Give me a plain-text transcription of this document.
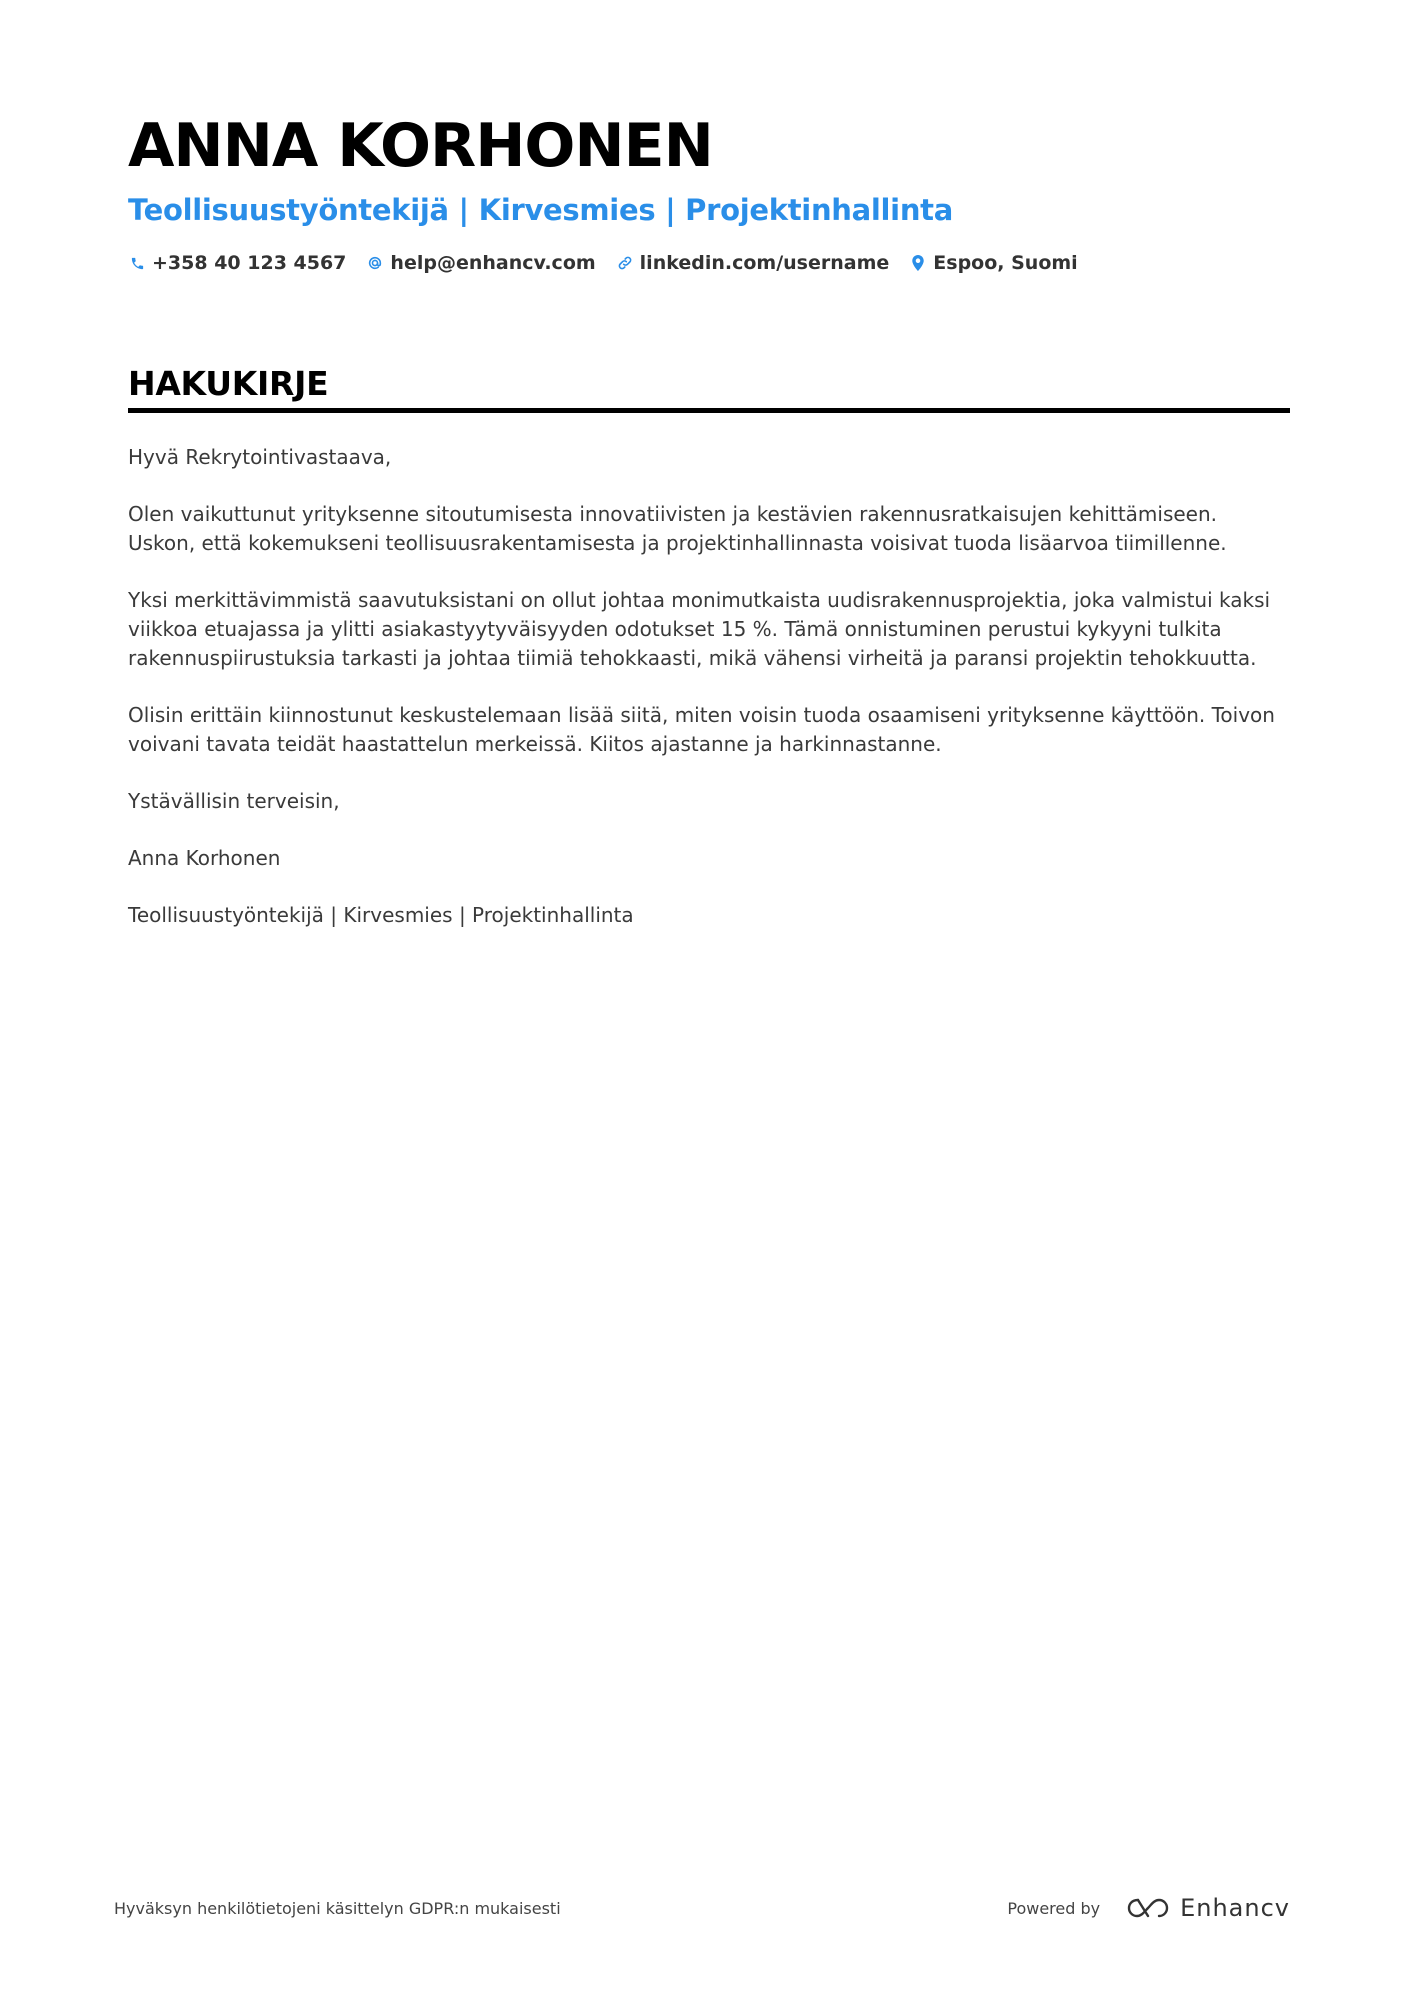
ANNA KORHONEN
Teollisuustyöntekijä | Kirvesmies | Projektinhallinta
+358 40 123 4567 help@enhancv.com linkedin.com/username Espoo, Suomi
HAKUKIRJE

Hyvä Rekrytointivastaava,

Olen vaikuttunut yrityksenne sitoutumisesta innovatiivisten ja kestävien rakennusratkaisujen kehittämiseen. Uskon, että kokemukseni teollisuusrakentamisesta ja projektinhallinnasta voisivat tuoda lisäarvoa tiimillenne.

Yksi merkittävimmistä saavutuksistani on ollut johtaa monimutkaista uudisrakennusprojektia, joka valmistui kaksi viikkoa etuajassa ja ylitti asiakastyytyväisyyden odotukset 15 %. Tämä onnistuminen perustui kykyyni tulkita rakennuspiirustuksia tarkasti ja johtaa tiimiä tehokkaasti, mikä vähensi virheitä ja paransi projektin tehokkuutta.

Olisin erittäin kiinnostunut keskustelemaan lisää siitä, miten voisin tuoda osaamiseni yrityksenne käyttöön. Toivon voivani tavata teidät haastattelun merkeissä. Kiitos ajastanne ja harkinnastanne.

Ystävällisin terveisin,

Anna Korhonen

Teollisuustyöntekijä | Kirvesmies | Projektinhallinta

Hyväksyn henkilötietojeni käsittelyn GDPR:n mukaisesti	Powered by	Enhancv
